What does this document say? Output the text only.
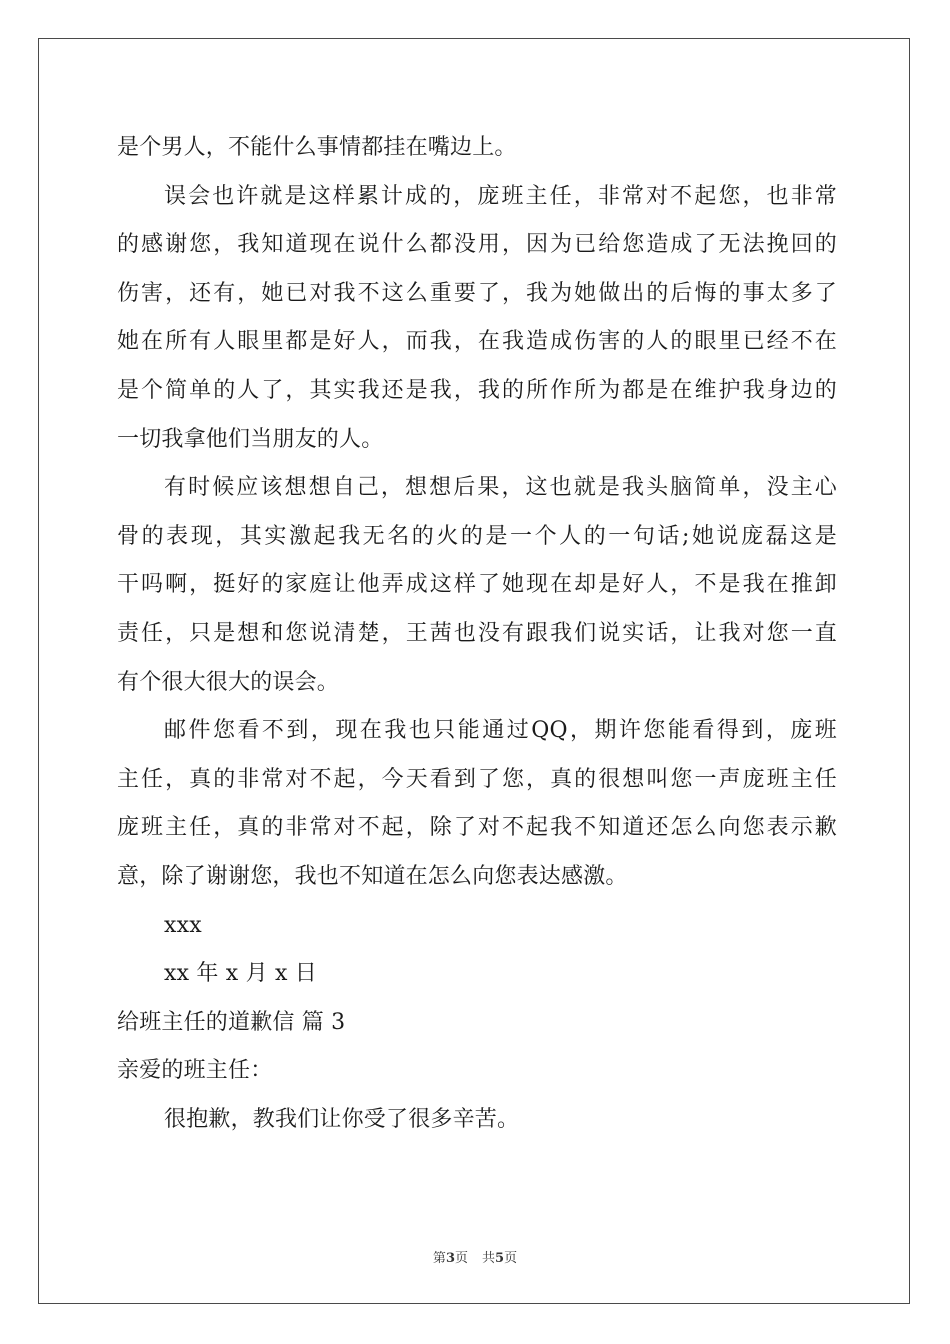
是个男人，不能什么事情都挂在嘴边上。
误会也许就是这样累计成的，庞班主任，非常对不起您，也非常
的感谢您，我知道现在说什么都没用，因为已给您造成了无法挽回的
伤害，还有，她已对我不这么重要了，我为她做出的后悔的事太多了
她在所有人眼里都是好人，而我，在我造成伤害的人的眼里已经不在
是个简单的人了，其实我还是我，我的所作所为都是在维护我身边的
一切我拿他们当朋友的人。
有时候应该想想自己，想想后果，这也就是我头脑简单，没主心
骨的表现，其实激起我无名的火的是一个人的一句话;她说庞磊这是
干吗啊，挺好的家庭让他弄成这样了她现在却是好人，不是我在推卸
责任，只是想和您说清楚，王茜也没有跟我们说实话，让我对您一直
有个很大很大的误会。
邮件您看不到，现在我也只能通过QQ，期许您能看得到，庞班
主任，真的非常对不起，今天看到了您，真的很想叫您一声庞班主任
庞班主任，真的非常对不起，除了对不起我不知道还怎么向您表示歉
意，除了谢谢您，我也不知道在怎么向您表达感激。
xxx
xx 年 x 月 x 日
给班主任的道歉信 篇 3
亲爱的班主任：
很抱歉，教我们让你受了很多辛苦。
第3页 共5页
